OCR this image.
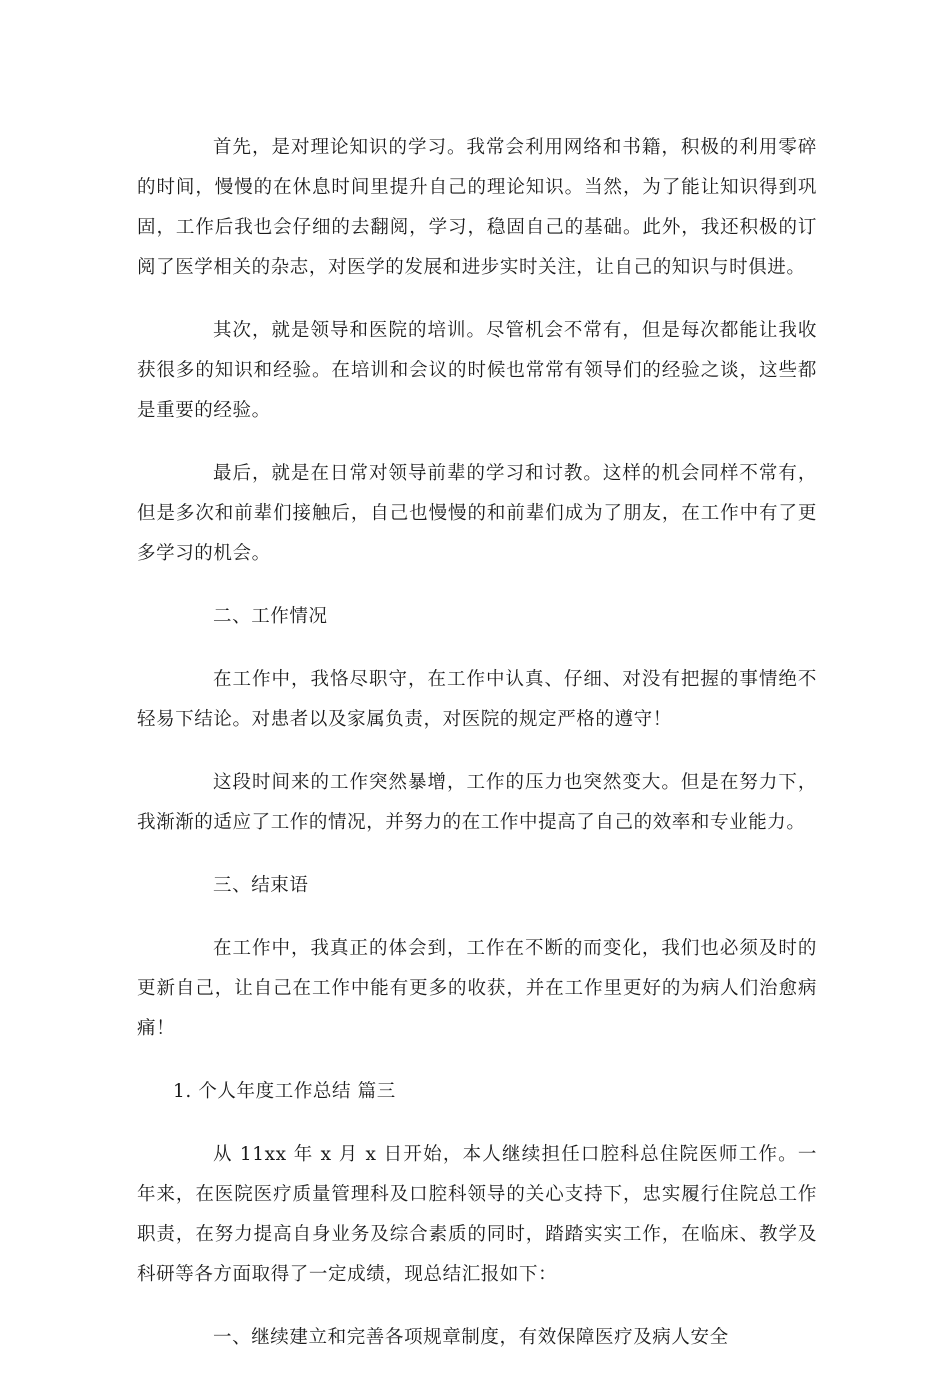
首先，是对理论知识的学习。我常会利用网络和书籍，积极的利用零碎的时间，慢慢的在休息时间里提升自己的理论知识。当然，为了能让知识得到巩固，工作后我也会仔细的去翻阅，学习，稳固自己的基础。此外，我还积极的订阅了医学相关的杂志，对医学的发展和进步实时关注，让自己的知识与时俱进。

其次，就是领导和医院的培训。尽管机会不常有，但是每次都能让我收获很多的知识和经验。在培训和会议的时候也常常有领导们的经验之谈，这些都是重要的经验。

最后，就是在日常对领导前辈的学习和讨教。这样的机会同样不常有，但是多次和前辈们接触后，自己也慢慢的和前辈们成为了朋友，在工作中有了更多学习的机会。

二、工作情况

在工作中，我恪尽职守，在工作中认真、仔细、对没有把握的事情绝不轻易下结论。对患者以及家属负责，对医院的规定严格的遵守！

这段时间来的工作突然暴增，工作的压力也突然变大。但是在努力下，我渐渐的适应了工作的情况，并努力的在工作中提高了自己的效率和专业能力。

三、结束语

在工作中，我真正的体会到，工作在不断的而变化，我们也必须及时的更新自己，让自己在工作中能有更多的收获，并在工作里更好的为病人们治愈病痛！

1. 个人年度工作总结 篇三

从 11xx 年 x 月 x 日开始，本人继续担任口腔科总住院医师工作。一年来，在医院医疗质量管理科及口腔科领导的关心支持下，忠实履行住院总工作职责，在努力提高自身业务及综合素质的同时，踏踏实实工作，在临床、教学及科研等各方面取得了一定成绩，现总结汇报如下：

一、继续建立和完善各项规章制度，有效保障医疗及病人安全
